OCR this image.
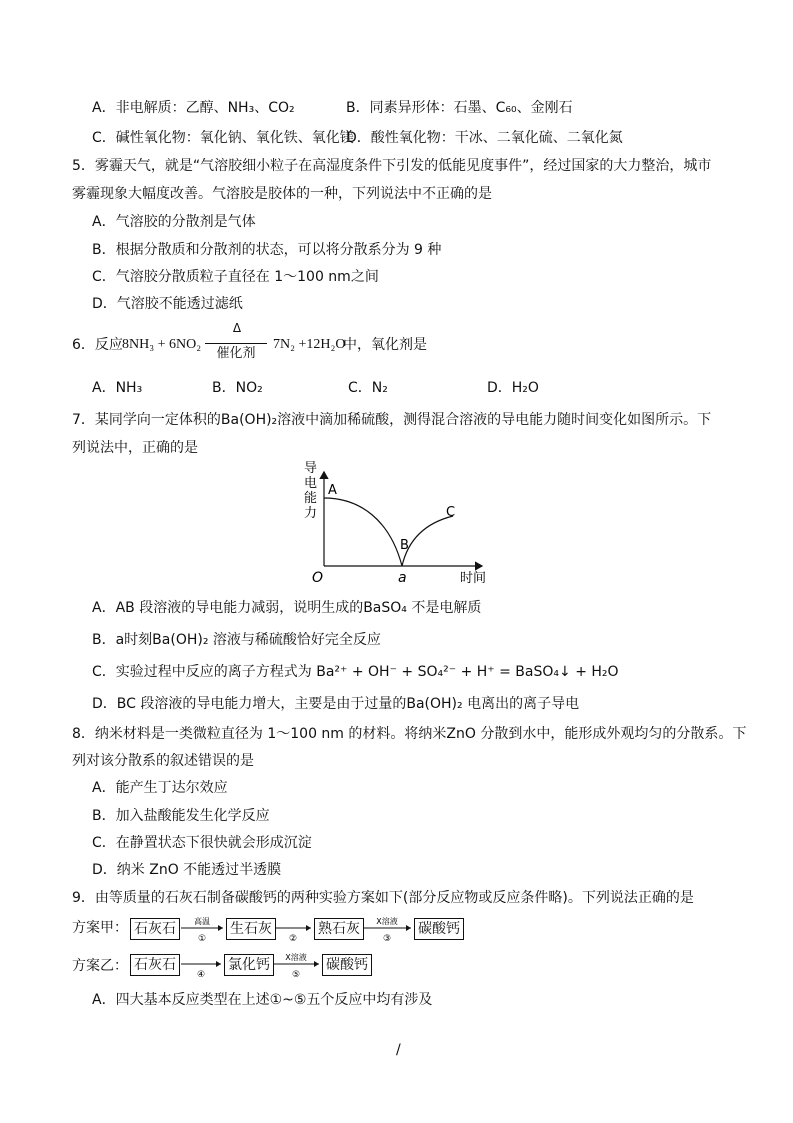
A．非电解质：乙醇、NH₃、CO₂	B．同素异形体：石墨、C₆₀、金刚石
C．碱性氧化物：氧化钠、氧化铁、氧化镁
D．酸性氧化物：干冰、二氧化硫、二氧化氮
5．雾霾天气，就是“气溶胶细小粒子在高湿度条件下引发的低能见度事件”，经过国家的大力整治，城市
雾霾现象大幅度改善。气溶胶是胶体的一种，下列说法中不正确的是
A．气溶胶的分散剂是气体
B．根据分散质和分散剂的状态，可以将分散系分为 9 种
C．气溶胶分散质粒子直径在 1～100 nm之间
D．气溶胶不能透过滤纸
6．反应 8NH₃ + 6NO₂
Δ
催化剂
7N₂ +12H₂O
中，氧化剂是
A．NH₃	B．NO₂	C．N₂	D．H₂O
7．某同学向一定体积的Ba(OH)₂溶液中滴加稀硫酸，测得混合溶液的导电能力随时间变化如图所示。下
列说法中，正确的是
导
电
能
力
A
B
C
O	a	时间
A．AB 段溶液的导电能力减弱，说明生成的BaSO₄ 不是电解质
B．a时刻Ba(OH)₂ 溶液与稀硫酸恰好完全反应
C．实验过程中反应的离子方程式为 Ba²⁺ + OH⁻ + SO₄²⁻ + H⁺ = BaSO₄↓ + H₂O
D．BC 段溶液的导电能力增大，主要是由于过量的Ba(OH)₂ 电离出的离子导电
8．纳米材料是一类微粒直径为 1～100 nm 的材料。将纳米ZnO 分散到水中，能形成外观均匀的分散系。下
列对该分散系的叙述错误的是
A．能产生丁达尔效应
B．加入盐酸能发生化学反应
C．在静置状态下很快就会形成沉淀
D．纳米 ZnO 不能透过半透膜
9．由等质量的石灰石制备碳酸钙的两种实验方案如下(部分反应物或反应条件略)。下列说法正确的是
方案甲： 石灰石	生石灰	熟石灰	碳酸钙
高温
①	②
X溶液
③
方案乙： 石灰石	氯化钙	碳酸钙
④
X溶液
⑤
A．四大基本反应类型在上述①~⑤五个反应中均有涉及
/
